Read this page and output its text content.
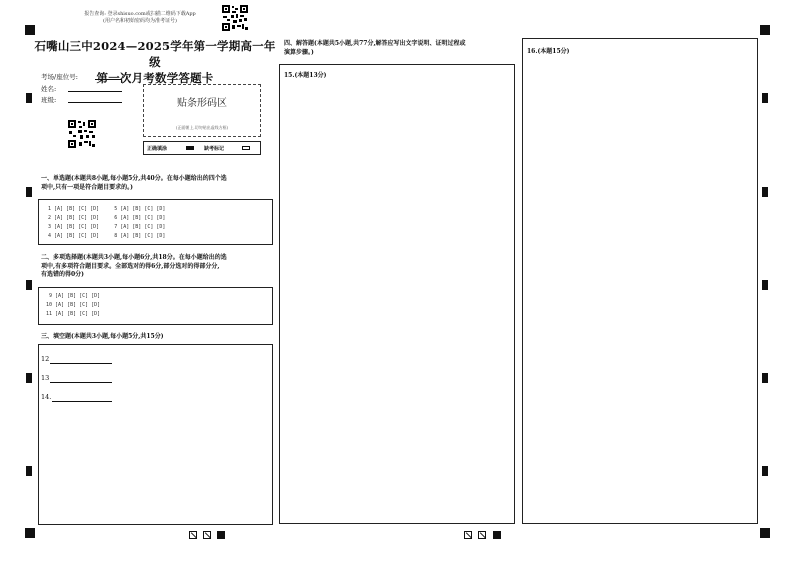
报告查询: 登录shisuo.com或扫描二维码下载App
(用户名和初始密码均为准考证号)
石嘴山三中2024—2025学年第一学期高一年级
第一次月考数学答题卡
考场/座位号:
姓名:
班级:	贴条形码区
(正面朝上,切勿贴出虚线方框)
正确填涂	缺考标记
一、单选题(本题共8小题,每小题5分,共40分。在每小题给出的四个选
项中,只有一项是符合题目要求的。)
1 [A] [B] [C] [D]     5 [A] [B] [C] [D]
2 [A] [B] [C] [D]     6 [A] [B] [C] [D]
3 [A] [B] [C] [D]     7 [A] [B] [C] [D]
4 [A] [B] [C] [D]     8 [A] [B] [C] [D]
二、多项选择题(本题共3小题,每小题6分,共18分。在每小题给出的选
项中,有多项符合题目要求。全部选对的得6分,部分选对的得部分分,
有选错的得0分)
9 [A] [B] [C] [D]
10 [A] [B] [C] [D]
11 [A] [B] [C] [D]
三、填空题(本题共3小题,每小题5分,共15分)
12
13
14.
四、解答题(本题共5小题,共77分,解答应写出文字说明、证明过程或
演算步骤。)
15.(本题13分)
16.(本题15分)
